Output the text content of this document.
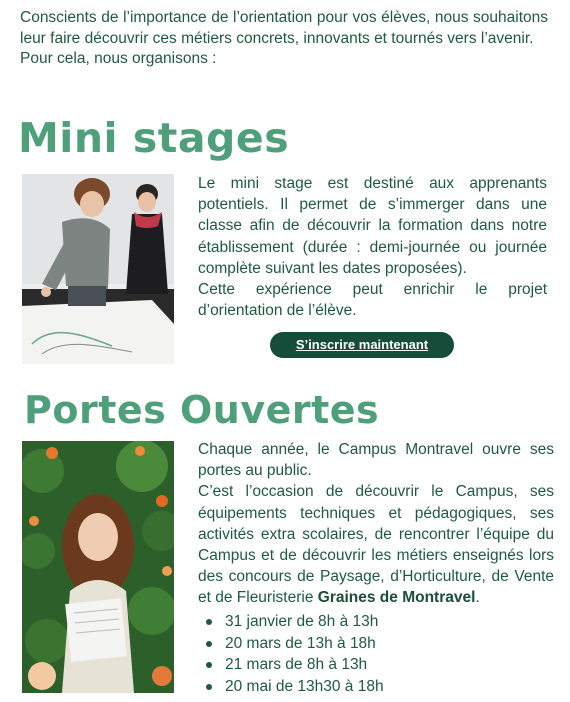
Conscients de l’importance de l’orientation pour vos élèves, nous souhaitons leur faire découvrir ces métiers concrets, innovants et tournés vers l’avenir.

Pour cela, nous organisons :

Mini stages

Le mini stage est destiné aux apprenants potentiels. Il permet de s’immerger dans une classe afin de découvrir la formation dans notre établissement (durée : demi-journée ou journée complète suivant les dates proposées).

Cette expérience peut enrichir le projet d’orientation de l’élève.

S’inscrire maintenant
Portes Ouvertes

Chaque année, le Campus Montravel ouvre ses portes au public.

C’est l’occasion de découvrir le Campus, ses équipements techniques et pédagogiques, ses activités extra scolaires, de rencontrer l’équipe du Campus et de découvrir les métiers enseignés lors des concours de Paysage, d’Horticulture, de Vente et de Fleuristerie Graines de Montravel.

31 janvier de 8h à 13h
20 mars de 13h à 18h
21 mars de 8h à 13h
20 mai de 13h30 à 18h
